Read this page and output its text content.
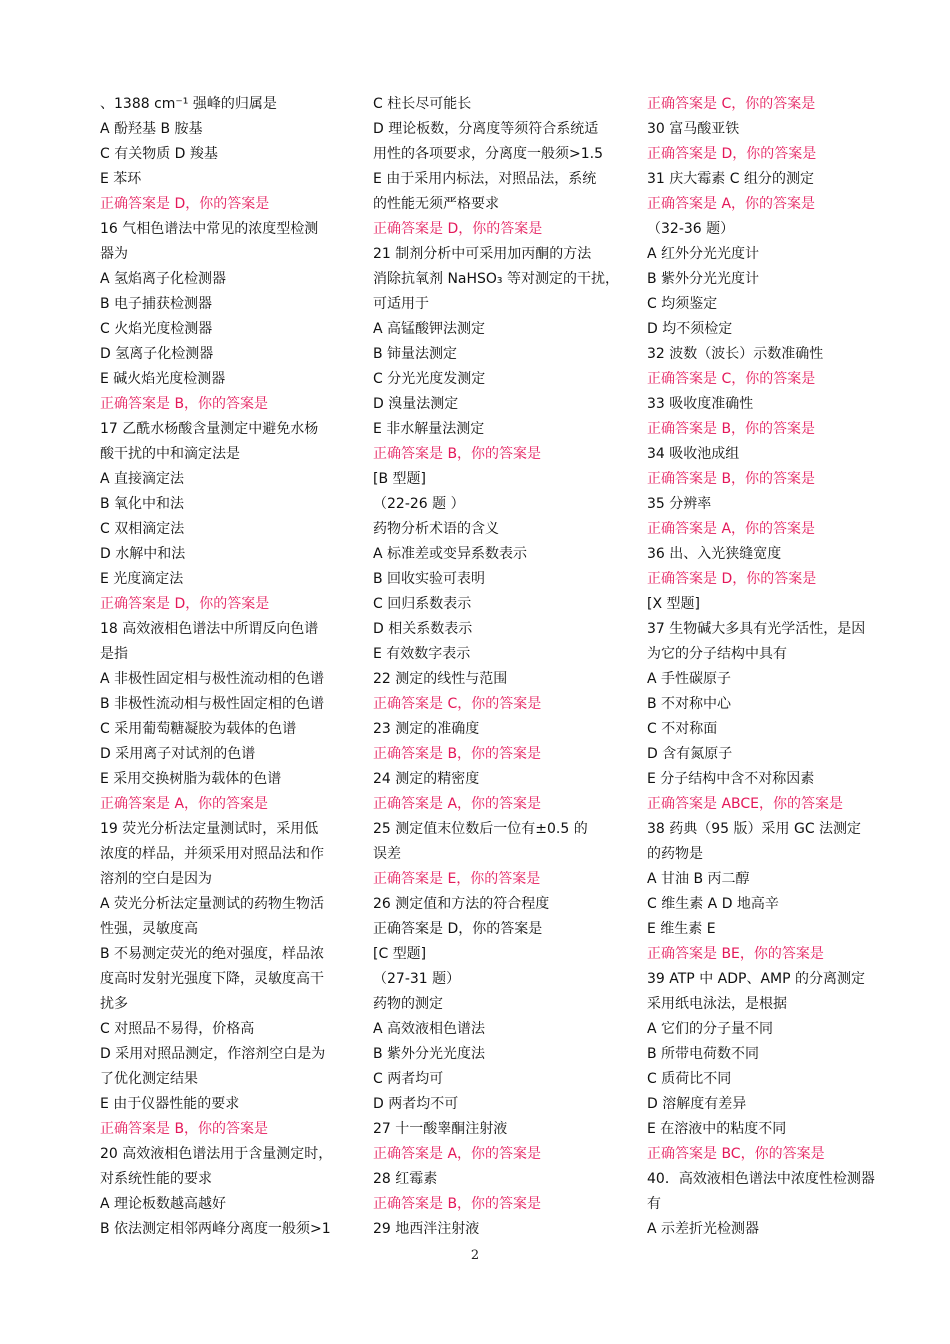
、1388 cm⁻¹ 强峰的归属是
A 酚羟基 B 胺基
C 有关物质 D 羧基
E 苯环
正确答案是 D，你的答案是
16 气相色谱法中常见的浓度型检测
器为
A 氢焰离子化检测器
B 电子捕获检测器
C 火焰光度检测器
D 氢离子化检测器
E 碱火焰光度检测器
正确答案是 B，你的答案是
17 乙酰水杨酸含量测定中避免水杨
酸干扰的中和滴定法是
A 直接滴定法
B 氧化中和法
C 双相滴定法
D 水解中和法
E 光度滴定法
正确答案是 D，你的答案是
18 高效液相色谱法中所谓反向色谱
是指
A 非极性固定相与极性流动相的色谱
B 非极性流动相与极性固定相的色谱
C 采用葡萄糖凝胶为载体的色谱
D 采用离子对试剂的色谱
E 采用交换树脂为载体的色谱
正确答案是 A，你的答案是
19 荧光分析法定量测试时，采用低
浓度的样品，并须采用对照品法和作
溶剂的空白是因为
A 荧光分析法定量测试的药物生物活
性强，灵敏度高
B 不易测定荧光的绝对强度，样品浓
度高时发射光强度下降，灵敏度高干
扰多
C 对照品不易得，价格高
D 采用对照品测定，作溶剂空白是为
了优化测定结果
E 由于仪器性能的要求
正确答案是 B，你的答案是
20 高效液相色谱法用于含量测定时，
对系统性能的要求
A 理论板数越高越好
B 依法测定相邻两峰分离度一般须>1
C 柱长尽可能长
D 理论板数，分离度等须符合系统适
用性的各项要求，分离度一般须>1.5
E 由于采用内标法，对照品法，系统
的性能无须严格要求
正确答案是 D，你的答案是
21 制剂分析中可采用加丙酮的方法
消除抗氧剂 NaHSO₃ 等对测定的干扰，
可适用于
A 高锰酸钾法测定
B 铈量法测定
C 分光光度发测定
D 溴量法测定
E 非水解量法测定
正确答案是 B，你的答案是
[B 型题]
（22-26 题 ）
药物分析术语的含义
A 标准差或变异系数表示
B 回收实验可表明
C 回归系数表示
D 相关系数表示
E 有效数字表示
22 测定的线性与范围
正确答案是 C，你的答案是
23 测定的准确度
正确答案是 B，你的答案是
24 测定的精密度
正确答案是 A，你的答案是
25 测定值末位数后一位有±0.5 的
误差
正确答案是 E，你的答案是
26 测定值和方法的符合程度
正确答案是 D，你的答案是
[C 型题]
（27-31 题）
药物的测定
A 高效液相色谱法
B 紫外分光光度法
C 两者均可
D 两者均不可
27 十一酸睾酮注射液
正确答案是 A，你的答案是
28 红霉素
正确答案是 B，你的答案是
29 地西泮注射液
正确答案是 C，你的答案是
30 富马酸亚铁
正确答案是 D，你的答案是
31 庆大霉素 C 组分的测定
正确答案是 A，你的答案是
（32-36 题）
A 红外分光光度计
B 紫外分光光度计
C 均须鉴定
D 均不须检定
32 波数（波长）示数准确性
正确答案是 C，你的答案是
33 吸收度准确性
正确答案是 B，你的答案是
34 吸收池成组
正确答案是 B，你的答案是
35 分辨率
正确答案是 A，你的答案是
36 出、入光狭缝宽度
正确答案是 D，你的答案是
[X 型题]
37 生物碱大多具有光学活性，是因
为它的分子结构中具有
A 手性碳原子
B 不对称中心
C 不对称面
D 含有氮原子
E 分子结构中含不对称因素
正确答案是 ABCE，你的答案是
38 药典（95 版）采用 GC 法测定
的药物是
A 甘油 B 丙二醇
C 维生素 A D 地高辛
E 维生素 E
正确答案是 BE，你的答案是
39 ATP 中 ADP、AMP 的分离测定
采用纸电泳法，是根据
A 它们的分子量不同
B 所带电荷数不同
C 质荷比不同
D 溶解度有差异
E 在溶液中的粘度不同
正确答案是 BC，你的答案是
40．高效液相色谱法中浓度性检测器
有
A 示差折光检测器
2
